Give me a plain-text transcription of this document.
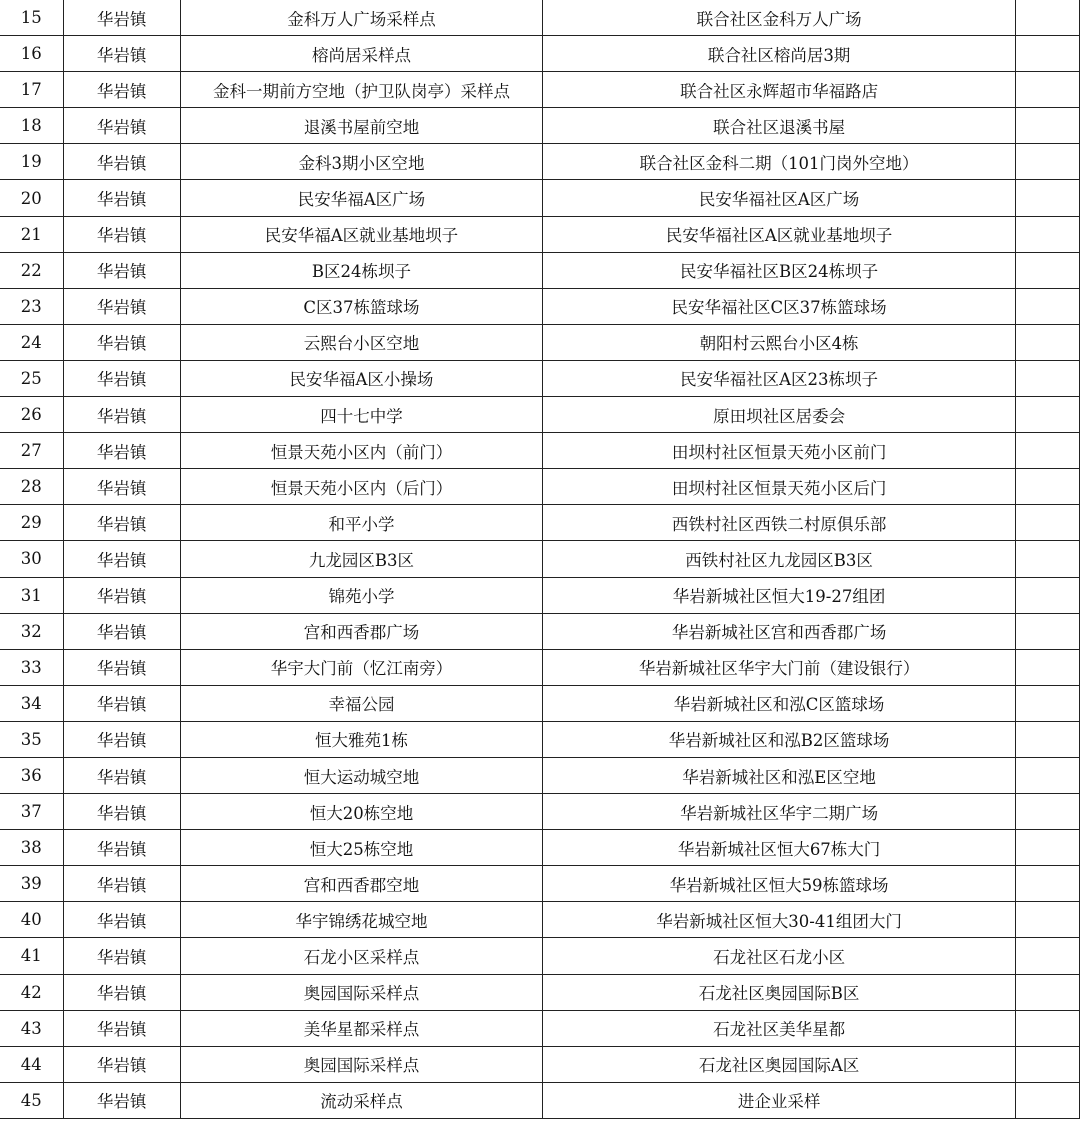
15	华岩镇	金科万人广场采样点	联合社区金科万人广场	
16	华岩镇	榕尚居采样点	联合社区榕尚居3期	
17	华岩镇	金科一期前方空地（护卫队岗亭）采样点	联合社区永辉超市华福路店	
18	华岩镇	退溪书屋前空地	联合社区退溪书屋	
19	华岩镇	金科3期小区空地	联合社区金科二期（101门岗外空地）	
20	华岩镇	民安华福A区广场	民安华福社区A区广场	
21	华岩镇	民安华福A区就业基地坝子	民安华福社区A区就业基地坝子	
22	华岩镇	B区24栋坝子	民安华福社区B区24栋坝子	
23	华岩镇	C区37栋篮球场	民安华福社区C区37栋篮球场	
24	华岩镇	云熙台小区空地	朝阳村云熙台小区4栋	
25	华岩镇	民安华福A区小操场	民安华福社区A区23栋坝子	
26	华岩镇	四十七中学	原田坝社区居委会	
27	华岩镇	恒景天苑小区内（前门）	田坝村社区恒景天苑小区前门	
28	华岩镇	恒景天苑小区内（后门）	田坝村社区恒景天苑小区后门	
29	华岩镇	和平小学	西铁村社区西铁二村原俱乐部	
30	华岩镇	九龙园区B3区	西铁村社区九龙园区B3区	
31	华岩镇	锦苑小学	华岩新城社区恒大19-27组团	
32	华岩镇	宫和西香郡广场	华岩新城社区宫和西香郡广场	
33	华岩镇	华宇大门前（忆江南旁）	华岩新城社区华宇大门前（建设银行）	
34	华岩镇	幸福公园	华岩新城社区和泓C区篮球场	
35	华岩镇	恒大雅苑1栋	华岩新城社区和泓B2区篮球场	
36	华岩镇	恒大运动城空地	华岩新城社区和泓E区空地	
37	华岩镇	恒大20栋空地	华岩新城社区华宇二期广场	
38	华岩镇	恒大25栋空地	华岩新城社区恒大67栋大门	
39	华岩镇	宫和西香郡空地	华岩新城社区恒大59栋篮球场	
40	华岩镇	华宇锦绣花城空地	华岩新城社区恒大30-41组团大门	
41	华岩镇	石龙小区采样点	石龙社区石龙小区	
42	华岩镇	奥园国际采样点	石龙社区奥园国际B区	
43	华岩镇	美华星都采样点	石龙社区美华星都	
44	华岩镇	奥园国际采样点	石龙社区奥园国际A区	
45	华岩镇	流动采样点	进企业采样	
